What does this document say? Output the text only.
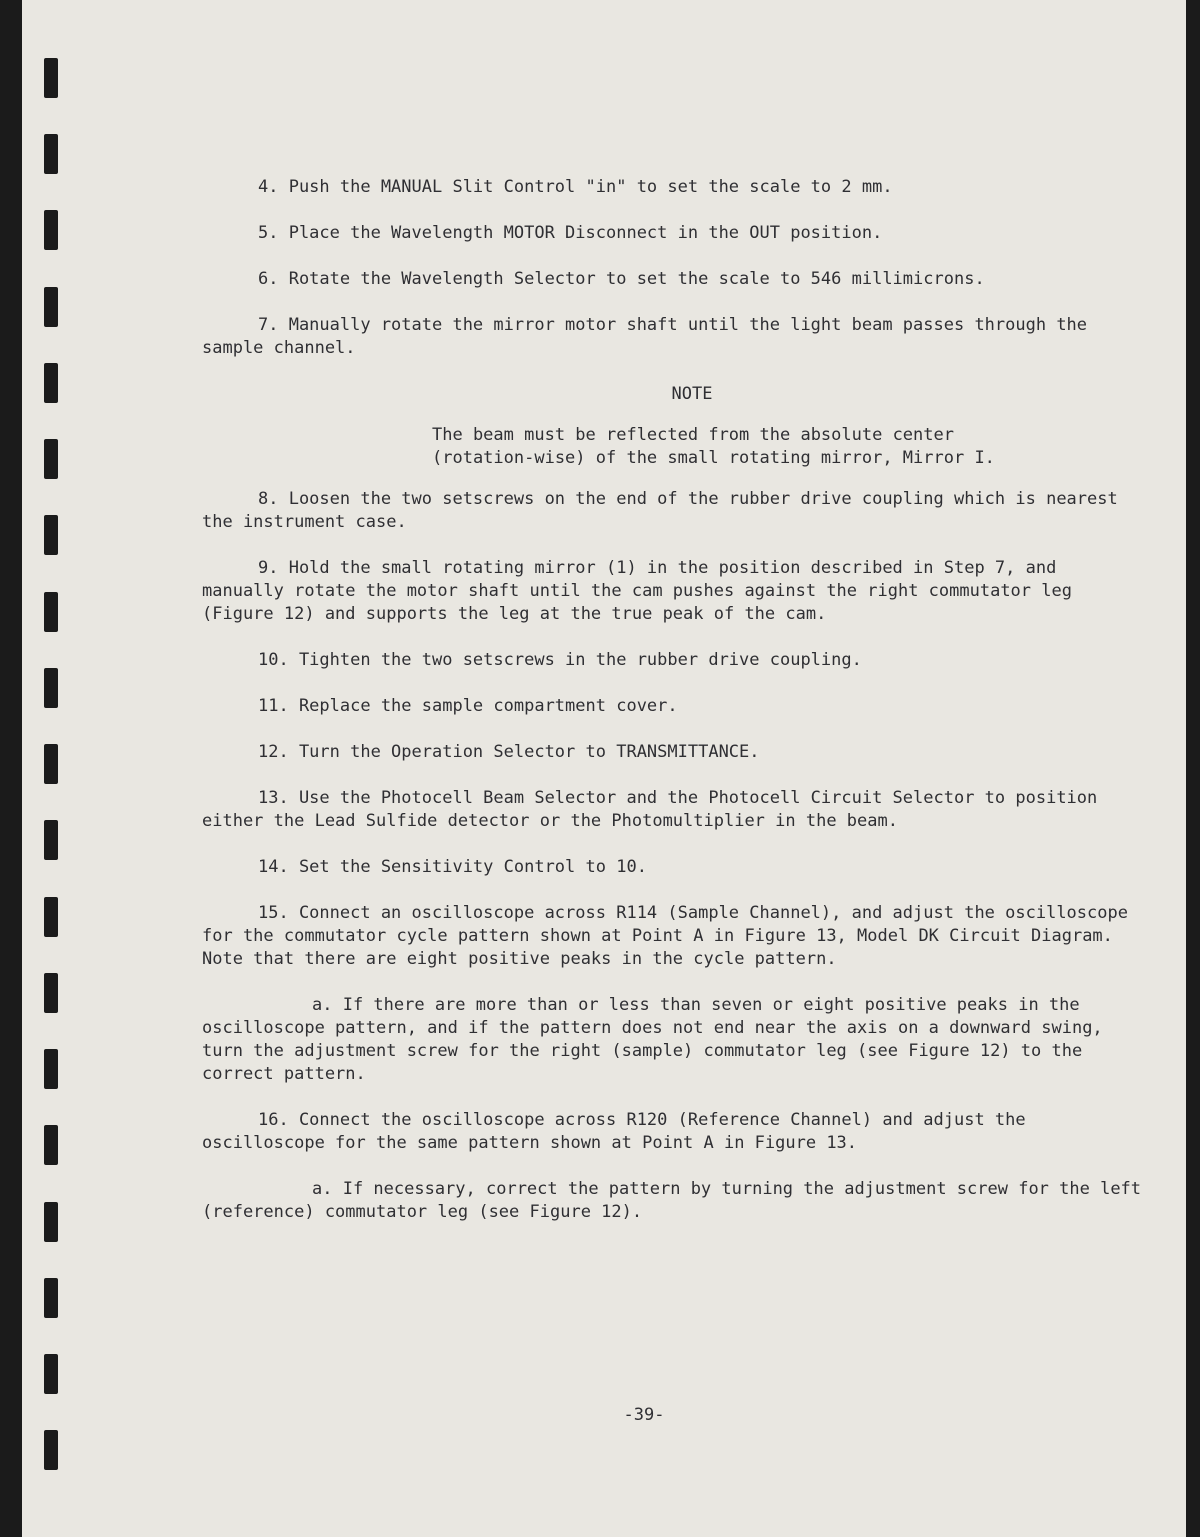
4. Push the MANUAL Slit Control "in" to set the scale to 2 mm.

5. Place the Wavelength MOTOR Disconnect in the OUT position.

6. Rotate the Wavelength Selector to set the scale to 546 millimicrons.

7. Manually rotate the mirror motor shaft until the light beam passes through the sample channel.

NOTE

The beam must be reflected from the absolute center (rotation-wise) of the small rotating mirror, Mirror I.

8. Loosen the two setscrews on the end of the rubber drive coupling which is nearest the instrument case.

9. Hold the small rotating mirror (1) in the position described in Step 7, and manually rotate the motor shaft until the cam pushes against the right commutator leg (Figure 12) and supports the leg at the true peak of the cam.

10. Tighten the two setscrews in the rubber drive coupling.

11. Replace the sample compartment cover.

12. Turn the Operation Selector to TRANSMITTANCE.

13. Use the Photocell Beam Selector and the Photocell Circuit Selector to position either the Lead Sulfide detector or the Photomultiplier in the beam.

14. Set the Sensitivity Control to 10.

15. Connect an oscilloscope across R114 (Sample Channel), and adjust the oscilloscope for the commutator cycle pattern shown at Point A in Figure 13, Model DK Circuit Diagram. Note that there are eight positive peaks in the cycle pattern.

a. If there are more than or less than seven or eight positive peaks in the oscilloscope pattern, and if the pattern does not end near the axis on a downward swing, turn the adjustment screw for the right (sample) commutator leg (see Figure 12) to the correct pattern.

16. Connect the oscilloscope across R120 (Reference Channel) and adjust the oscilloscope for the same pattern shown at Point A in Figure 13.

a. If necessary, correct the pattern by turning the adjustment screw for the left (reference) commutator leg (see Figure 12).

-39-
